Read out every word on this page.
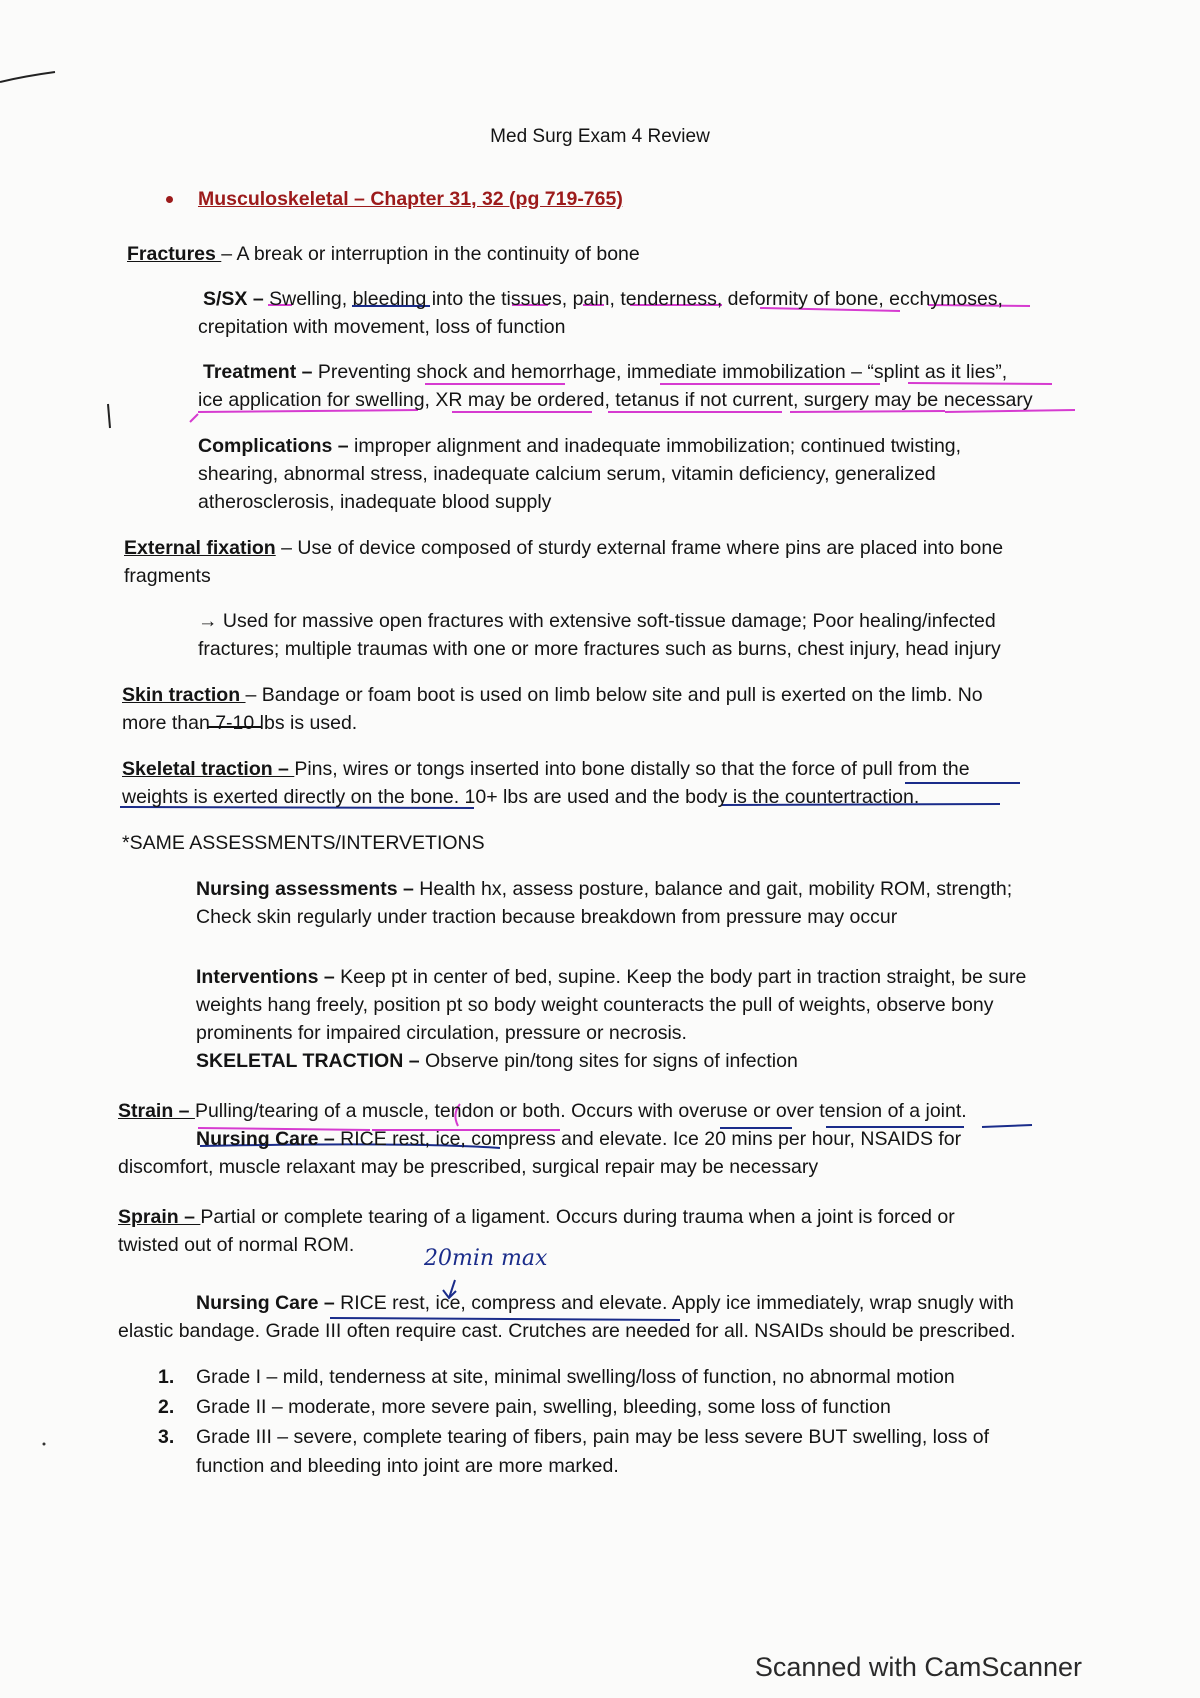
Med Surg Exam 4 Review
Musculoskeletal – Chapter 31, 32 (pg 719-765)
Fractures – A break or interruption in the continuity of bone
S/SX – Swelling, bleeding into the tissues, pain, tenderness, deformity of bone, ecchymoses,
crepitation with movement, loss of function
Treatment – Preventing shock and hemorrhage, immediate immobilization – “splint as it lies”,
ice application for swelling, XR may be ordered, tetanus if not current, surgery may be necessary
Complications – improper alignment and inadequate immobilization; continued twisting,
shearing, abnormal stress, inadequate calcium serum, vitamin deficiency, generalized
atherosclerosis, inadequate blood supply
External fixation – Use of device composed of sturdy external frame where pins are placed into bone
fragments
→ Used for massive open fractures with extensive soft-tissue damage; Poor healing/infected
fractures; multiple traumas with one or more fractures such as burns, chest injury, head injury
Skin traction – Bandage or foam boot is used on limb below site and pull is exerted on the limb. No
more than 7-10 lbs is used.
Skeletal traction – Pins, wires or tongs inserted into bone distally so that the force of pull from the
weights is exerted directly on the bone. 10+ lbs are used and the body is the countertraction.
*SAME ASSESSMENTS/INTERVETIONS
Nursing assessments – Health hx, assess posture, balance and gait, mobility ROM, strength;
Check skin regularly under traction because breakdown from pressure may occur
Interventions – Keep pt in center of bed, supine. Keep the body part in traction straight, be sure
weights hang freely, position pt so body weight counteracts the pull of weights, observe bony
prominents for impaired circulation, pressure or necrosis.
SKELETAL TRACTION – Observe pin/tong sites for signs of infection
Strain – Pulling/tearing of a muscle, tendon or both. Occurs with overuse or over tension of a joint.
Nursing Care – RICE rest, ice, compress and elevate. Ice 20 mins per hour, NSAIDS for
discomfort, muscle relaxant may be prescribed, surgical repair may be necessary
Sprain – Partial or complete tearing of a ligament. Occurs during trauma when a joint is forced or
twisted out of normal ROM.
20min max
Nursing Care – RICE rest, ice, compress and elevate. Apply ice immediately, wrap snugly with
elastic bandage. Grade III often require cast. Crutches are needed for all. NSAIDs should be prescribed.
1. Grade I – mild, tenderness at site, minimal swelling/loss of function, no abnormal motion
2. Grade II – moderate, more severe pain, swelling, bleeding, some loss of function
3. Grade III – severe, complete tearing of fibers, pain may be less severe BUT swelling, loss of
function and bleeding into joint are more marked.
Scanned with CamScanner
